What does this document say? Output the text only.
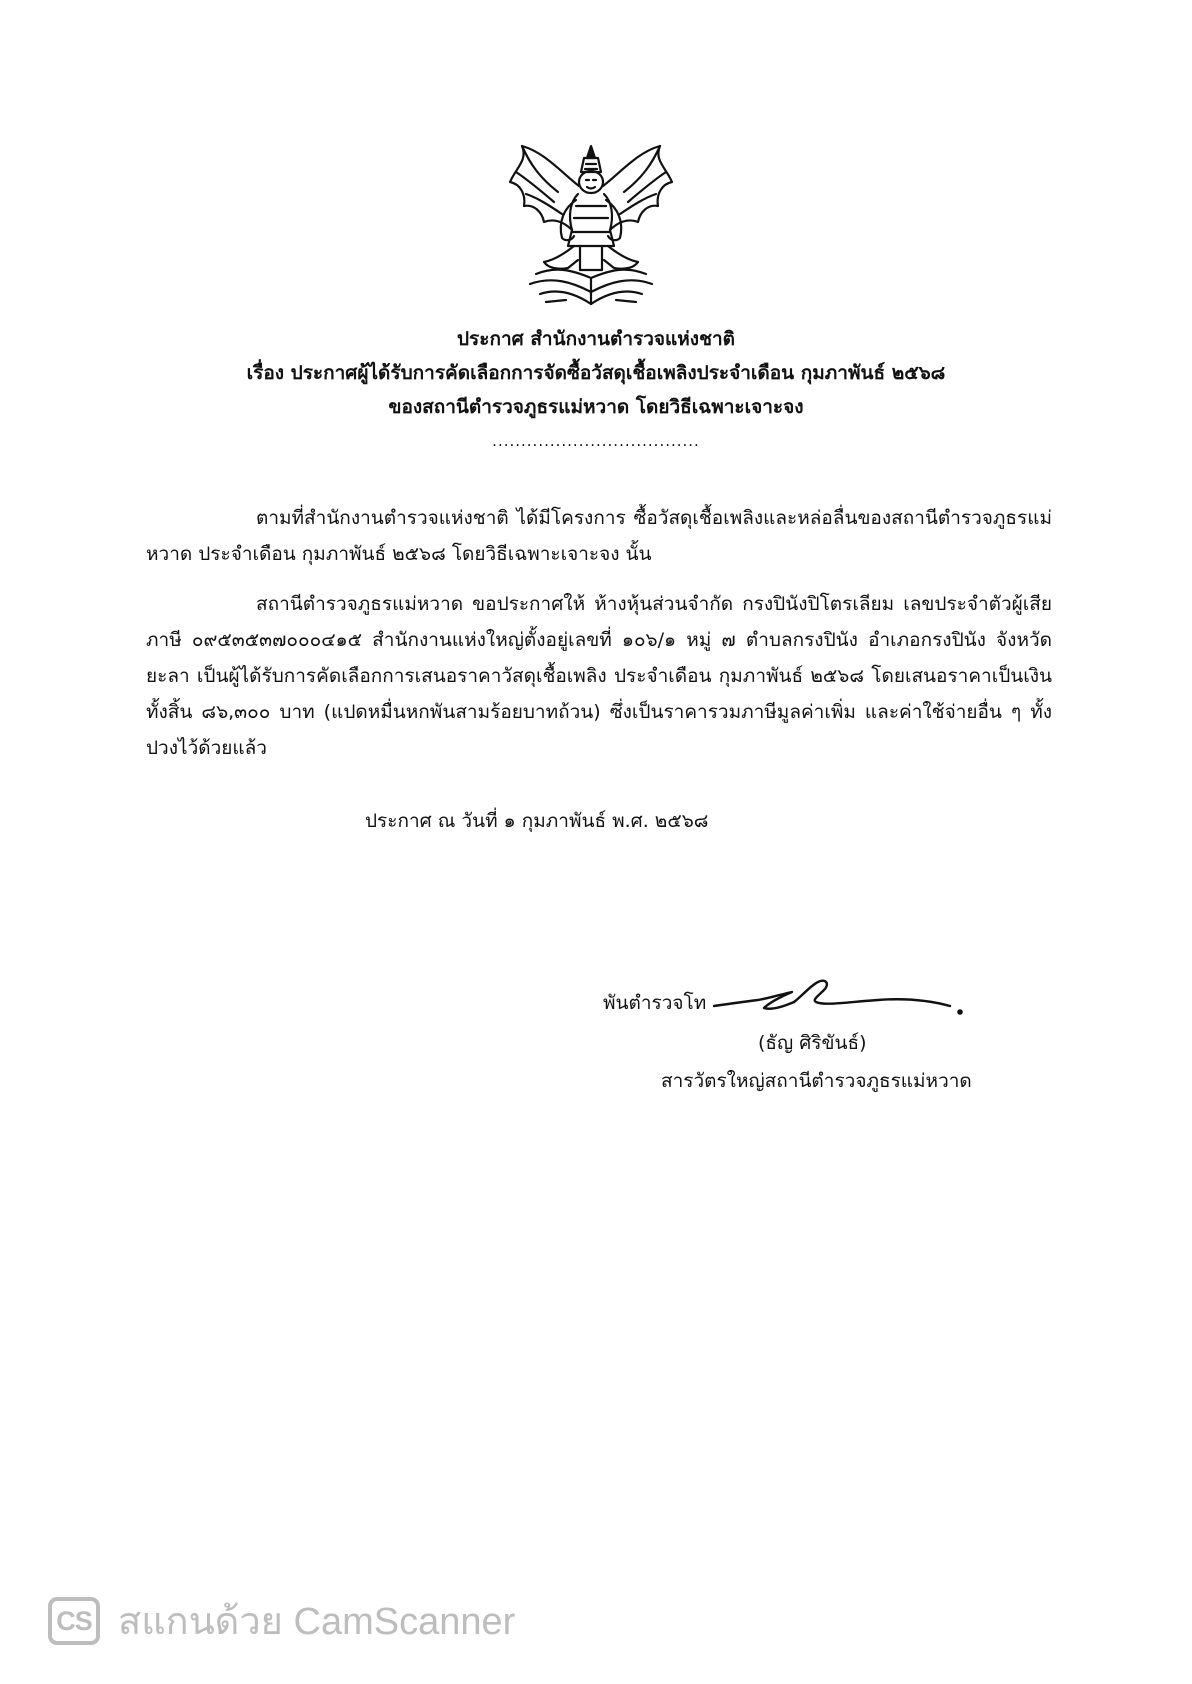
ประกาศ สำนักงานตำรวจแห่งชาติ
เรื่อง ประกาศผู้ได้รับการคัดเลือกการจัดซื้อวัสดุเชื้อเพลิงประจำเดือน กุมภาพันธ์ ๒๕๖๘
ของสถานีตำรวจภูธรแม่หวาด โดยวิธีเฉพาะเจาะจง
....................................
ตามที่สำนักงานตำรวจแห่งชาติ ได้มีโครงการ ซื้อวัสดุเชื้อเพลิงและหล่อลื่นของสถานีตำรวจภูธรแม่หวาด ประจำเดือน กุมภาพันธ์ ๒๕๖๘ โดยวิธีเฉพาะเจาะจง นั้น
สถานีตำรวจภูธรแม่หวาด ขอประกาศให้ ห้างหุ้นส่วนจำกัด กรงปินังปิโตรเลียม เลขประจำตัวผู้เสียภาษี ๐๙๕๓๕๓๗๐๐๐๔๑๕ สำนักงานแห่งใหญ่ตั้งอยู่เลขที่ ๑๐๖/๑ หมู่ ๗ ตำบลกรงปินัง อำเภอกรงปินัง จังหวัดยะลา เป็นผู้ได้รับการคัดเลือกการเสนอราคาวัสดุเชื้อเพลิง ประจำเดือน กุมภาพันธ์ ๒๕๖๘ โดยเสนอราคาเป็นเงินทั้งสิ้น ๘๖,๓๐๐ บาท (แปดหมื่นหกพันสามร้อยบาทถ้วน) ซึ่งเป็นราคารวมภาษีมูลค่าเพิ่ม และค่าใช้จ่ายอื่น ๆ ทั้งปวงไว้ด้วยแล้ว
ประกาศ ณ วันที่ ๑ กุมภาพันธ์ พ.ศ. ๒๕๖๘
พันตำรวจโท
(ธัญ ศิริขันธ์)
สารวัตรใหญ่สถานีตำรวจภูธรแม่หวาด
CS สแกนด้วย CamScanner
